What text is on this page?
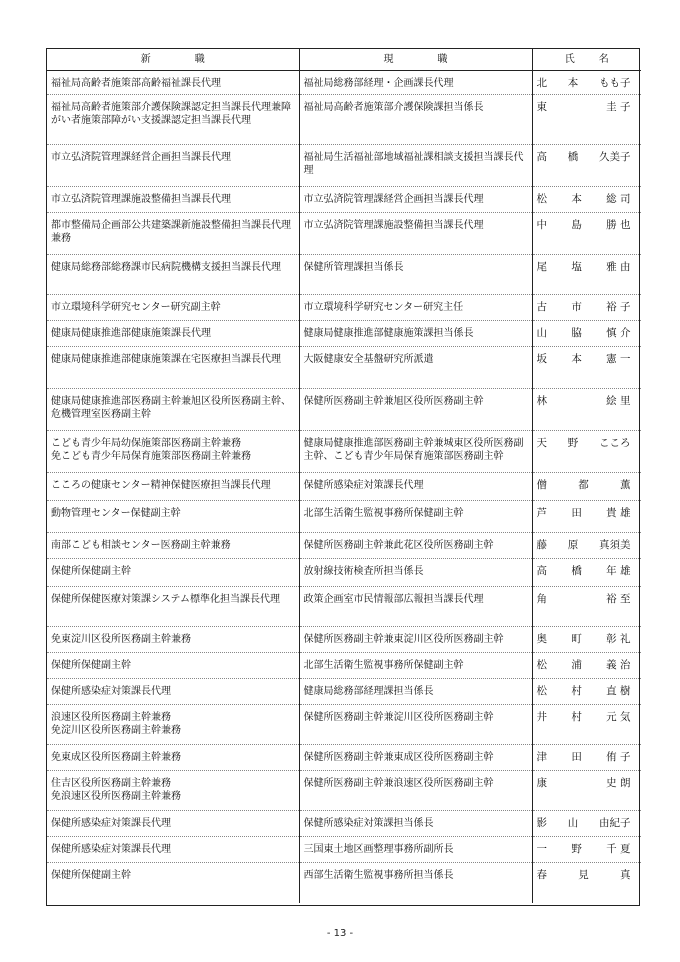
新 職	現 職	氏 名

福祉局高齢者施策部高齢福祉課長代理	福祉局総務部経理・企画課長代理	北 本 もも子

福祉局高齢者施策部介護保険課認定担当課長代理兼障がい者施策部障がい支援課認定担当課長代理	福祉局高齢者施策部介護保険課担当係長	東 圭 子

市立弘済院管理課経営企画担当課長代理	福祉局生活福祉部地域福祉課相談支援担当課長代理	高 橋 久美子

市立弘済院管理課施設整備担当課長代理	市立弘済院管理課経営企画担当課長代理	松 本 総 司

都市整備局企画部公共建築課新施設整備担当課長代理兼務	市立弘済院管理課施設整備担当課長代理	中 島 勝 也

健康局総務部総務課市民病院機構支援担当課長代理	保健所管理課担当係長	尾 塩 雅 由

市立環境科学研究センター研究副主幹	市立環境科学研究センター研究主任	古 市 裕 子

健康局健康推進部健康施策課長代理	健康局健康推進部健康施策課担当係長	山 脇 慎 介

健康局健康推進部健康施策課在宅医療担当課長代理	大阪健康安全基盤研究所派遣	坂 本 憲 一

健康局健康推進部医務副主幹兼旭区役所医務副主幹、危機管理室医務副主幹	保健所医務副主幹兼旭区役所医務副主幹	林 絵 里

こども青少年局幼保施策部医務副主幹兼務
免こども青少年局保育施策部医務副主幹兼務	健康局健康推進部医務副主幹兼城東区役所医務副主幹、こども青少年局保育施策部医務副主幹	天 野 こころ

こころの健康センター精神保健医療担当課長代理	保健所感染症対策課長代理	僧 都 薫

動物管理センター保健副主幹	北部生活衛生監視事務所保健副主幹	芦 田 貴 雄

南部こども相談センター医務副主幹兼務	保健所医務副主幹兼此花区役所医務副主幹	藤 原 真須美

保健所保健副主幹	放射線技術検査所担当係長	高 橋 年 雄

保健所保健医療対策課システム標準化担当課長代理	政策企画室市民情報部広報担当課長代理	角 裕 至

免東淀川区役所医務副主幹兼務	保健所医務副主幹兼東淀川区役所医務副主幹	奥 町 彰 礼

保健所保健副主幹	北部生活衛生監視事務所保健副主幹	松 浦 義 治

保健所感染症対策課長代理	健康局総務部経理課担当係長	松 村 直 樹

浪速区役所医務副主幹兼務
免淀川区役所医務副主幹兼務	保健所医務副主幹兼淀川区役所医務副主幹	井 村 元 気

免東成区役所医務副主幹兼務	保健所医務副主幹兼東成区役所医務副主幹	津 田 侑 子

住吉区役所医務副主幹兼務
免浪速区役所医務副主幹兼務	保健所医務副主幹兼浪速区役所医務副主幹	康 史 朗

保健所感染症対策課長代理	保健所感染症対策課担当係長	影 山 由紀子

保健所感染症対策課長代理	三国東土地区画整理事務所副所長	一 野 千 夏

保健所保健副主幹	西部生活衛生監視事務所担当係長	春 見 真
- 13 -
